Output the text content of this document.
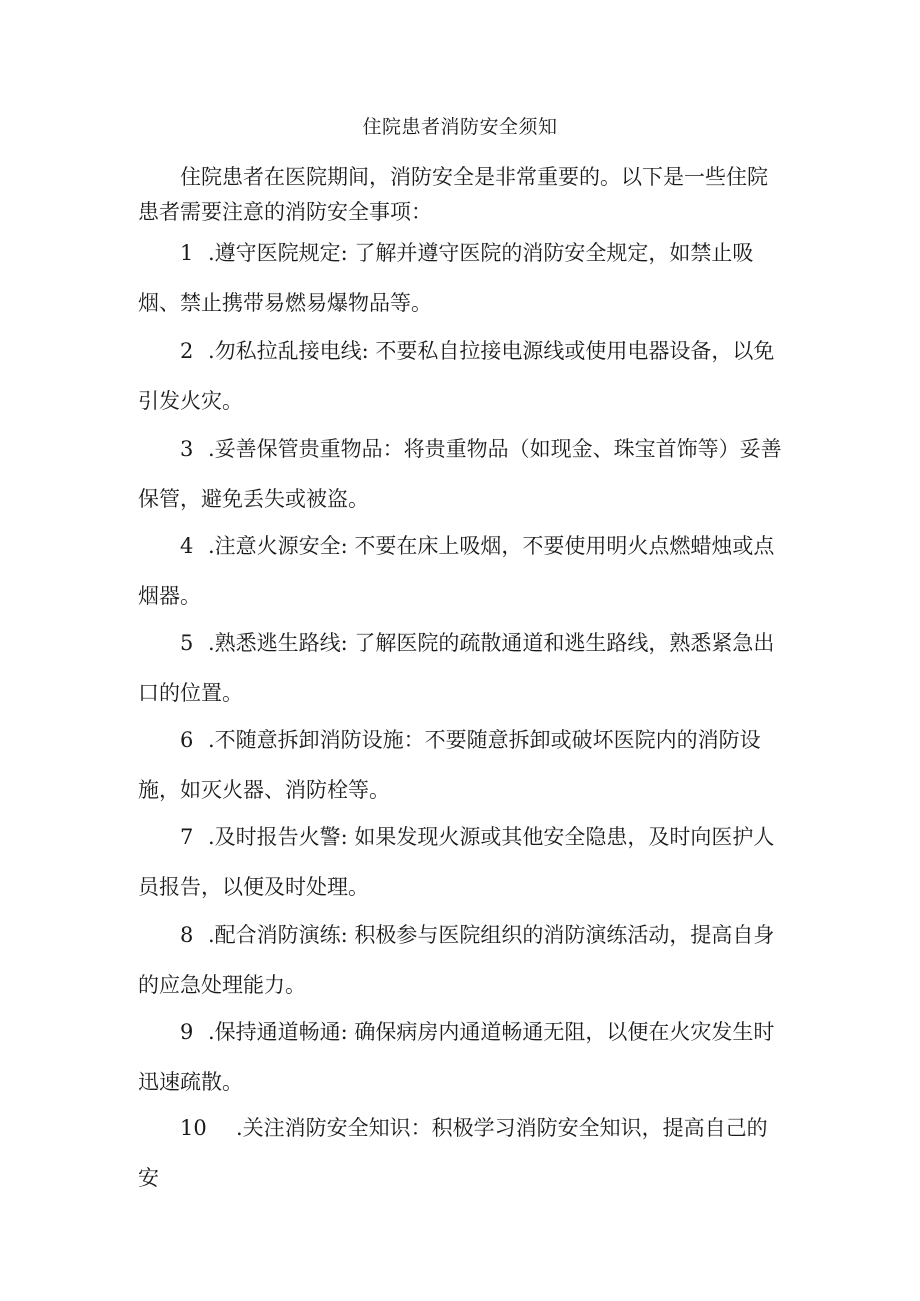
住院患者消防安全须知

住院患者在医院期间，消防安全是非常重要的。以下是一些住院患者需要注意的消防安全事项：

1 .遵守医院规定: 了解并遵守医院的消防安全规定，如禁止吸烟、禁止携带易燃易爆物品等。

2 .勿私拉乱接电线: 不要私自拉接电源线或使用电器设备，以免引发火灾。

3 .妥善保管贵重物品：将贵重物品（如现金、珠宝首饰等）妥善保管，避免丢失或被盗。

4 .注意火源安全: 不要在床上吸烟，不要使用明火点燃蜡烛或点烟器。

5 .熟悉逃生路线: 了解医院的疏散通道和逃生路线，熟悉紧急出口的位置。

6 .不随意拆卸消防设施：不要随意拆卸或破坏医院内的消防设施，如灭火器、消防栓等。

7 .及时报告火警: 如果发现火源或其他安全隐患，及时向医护人员报告，以便及时处理。

8 .配合消防演练: 积极参与医院组织的消防演练活动，提高自身的应急处理能力。

9 .保持通道畅通: 确保病房内通道畅通无阻，以便在火灾发生时迅速疏散。

10 .关注消防安全知识：积极学习消防安全知识，提高自己的安
